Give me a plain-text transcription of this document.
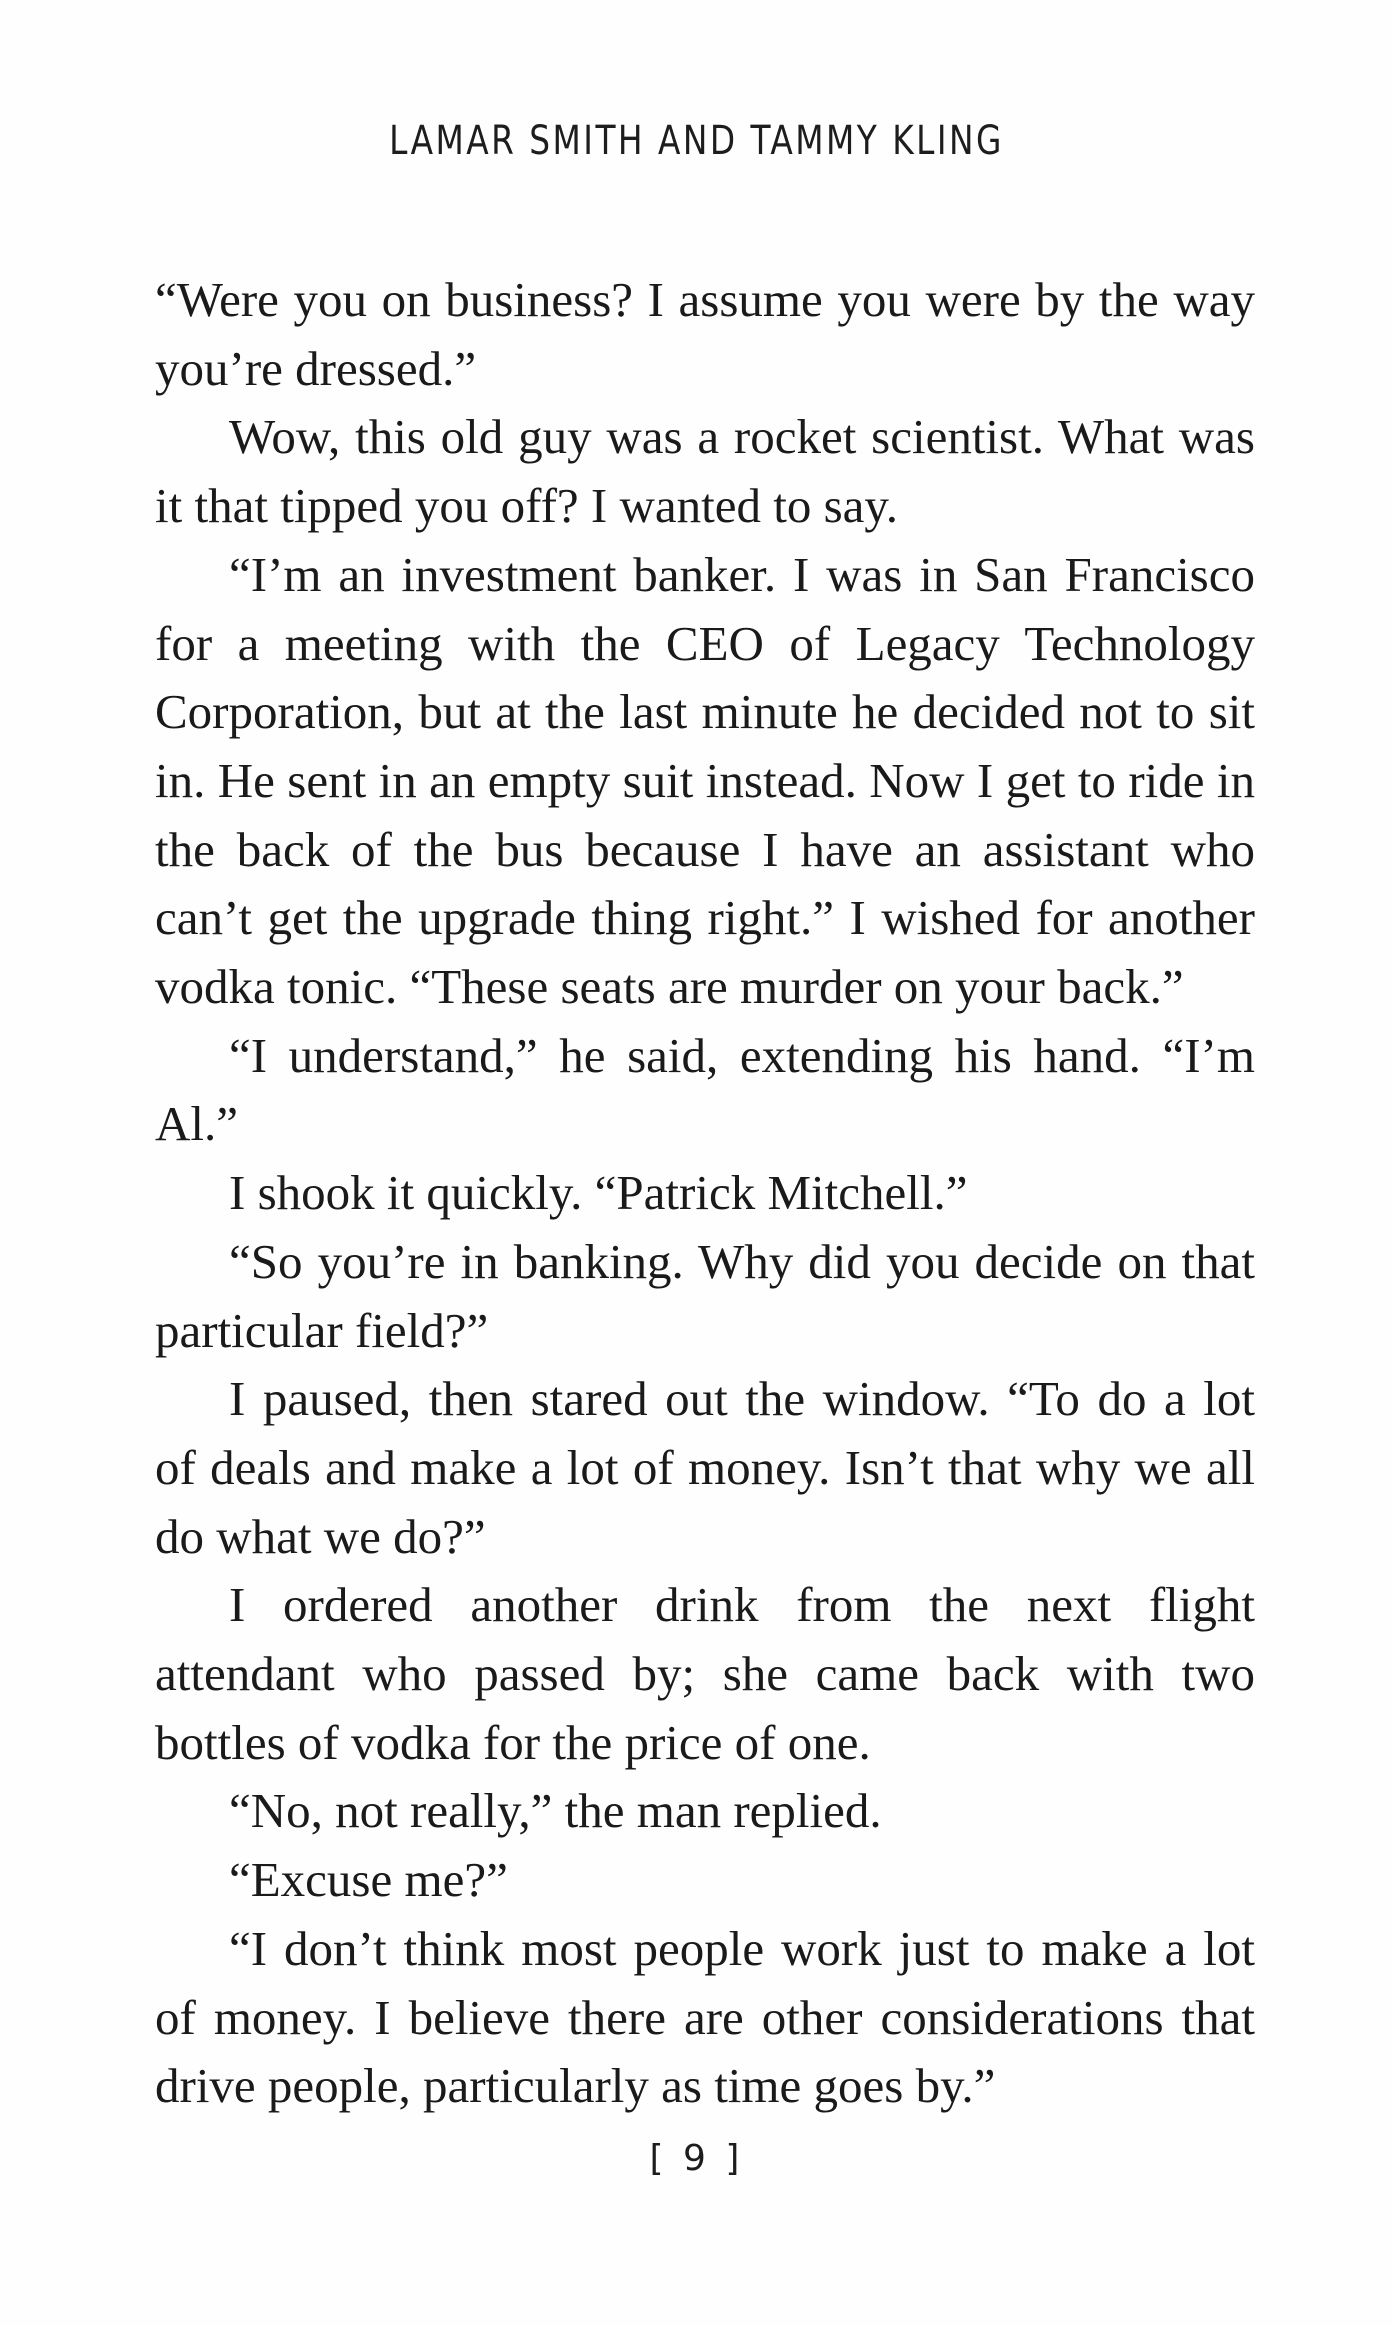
LAMAR SMITH AND TAMMY KLING

“Were you on business? I assume you were by the way you’re dressed.”

Wow, this old guy was a rocket scientist. What was it that tipped you off? I wanted to say.

“I’m an investment banker. I was in San Francisco for a meeting with the CEO of Legacy Technology Corporation, but at the last minute he decided not to sit in. He sent in an empty suit instead. Now I get to ride in the back of the bus because I have an assistant who can’t get the upgrade thing right.” I wished for another vodka tonic. “These seats are murder on your back.”

“I understand,” he said, extending his hand. “I’m Al.”

I shook it quickly. “Patrick Mitchell.”

“So you’re in banking. Why did you decide on that particular field?”

I paused, then stared out the window. “To do a lot of deals and make a lot of money. Isn’t that why we all do what we do?”

I ordered another drink from the next flight attendant who passed by; she came back with two bottles of vodka for the price of one.

“No, not really,” the man replied.

“Excuse me?”

“I don’t think most people work just to make a lot of money. I believe there are other considerations that drive people, particularly as time goes by.”

[ 9 ]
